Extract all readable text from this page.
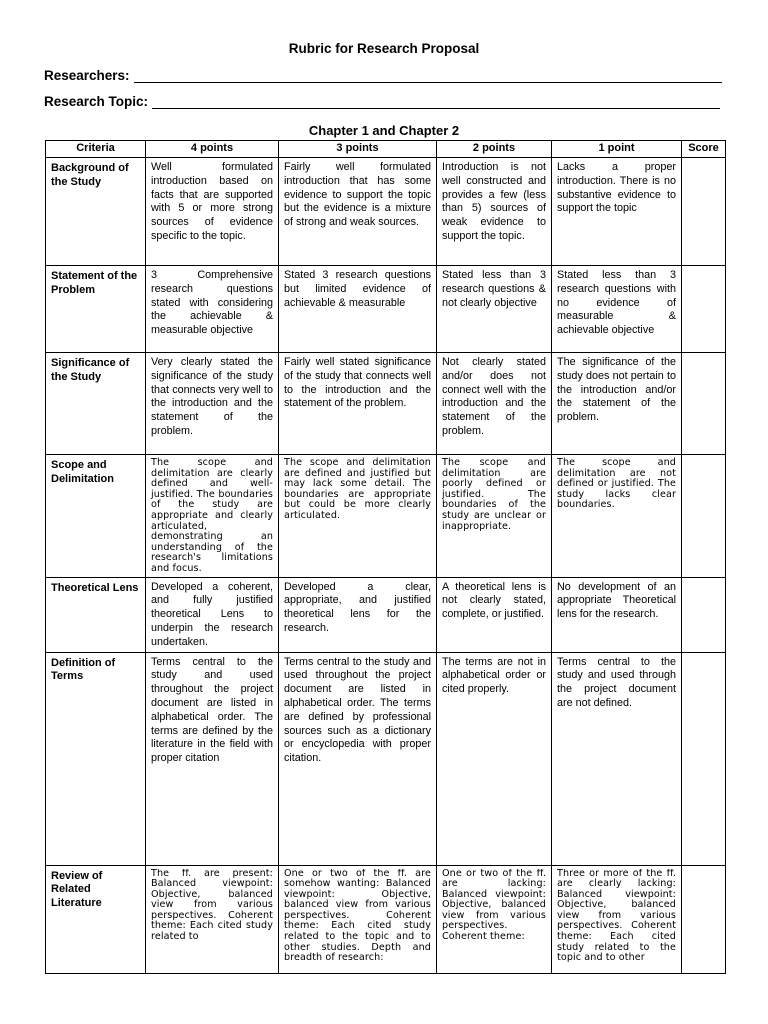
Rubric for Research Proposal
Researchers:
Research Topic:
Chapter 1 and Chapter 2
Criteria	4 points	3 points	2 points	1 point	Score
Background of the Study	Well formulated introduction based on facts that are supported with 5 or more strong sources of evidence specific to the topic.	Fairly well formulated introduction that has some evidence to support the topic but the evidence is a mixture of strong and weak sources.	Introduction is not well constructed and provides a few (less than 5) sources of weak evidence to support the topic.	Lacks a proper introduction. There is no substantive evidence to support the topic	
Statement of the Problem	3 Comprehensive research questions stated with considering the achievable & measurable objective	Stated 3 research questions but limited evidence of achievable & measurable	Stated less than 3 research questions & not clearly objective	Stated less than 3 research questions with no evidence of measurable & achievable objective	
Significance of the Study	Very clearly stated the significance of the study that connects very well to the introduction and the statement of the problem.	Fairly well stated significance of the study that connects well to the introduction and the statement of the problem.	Not clearly stated and/or does not connect well with the introduction and the statement of the problem.	The significance of the study does not pertain to the introduction and/or the statement of the problem.	
Scope and Delimitation	The scope and delimitation are clearly defined and well-justified. The boundaries of the study are appropriate and clearly articulated, demonstrating an understanding of the research's limitations and focus.	The scope and delimitation are defined and justified but may lack some detail. The boundaries are appropriate but could be more clearly articulated.	The scope and delimitation are poorly defined or justified. The boundaries of the study are unclear or inappropriate.	The scope and delimitation are not defined or justified. The study lacks clear boundaries.	
Theoretical Lens	Developed a coherent, and fully justified theoretical Lens to underpin the research undertaken.	Developed a clear, appropriate, and justified theoretical lens for the research.	A theoretical lens is not clearly stated, complete, or justified.	No development of an appropriate Theoretical lens for the research.	
Definition of Terms	Terms central to the study and used throughout the project document are listed in alphabetical order. The terms are defined by the literature in the field with proper citation	Terms central to the study and used throughout the project document are listed in alphabetical order. The terms are defined by professional sources such as a dictionary or encyclopedia with proper citation.	The terms are not in alphabetical order or cited properly.	Terms central to the study and used through the project document are not defined.	
Review of Related Literature	The ff. are present: Balanced viewpoint: Objective, balanced view from various perspectives. Coherent theme: Each cited study related to	One or two of the ff. are somehow wanting: Balanced viewpoint: Objective, balanced view from various perspectives. Coherent theme: Each cited study related to the topic and to other studies. Depth and breadth of research:	One or two of the ff. are lacking: Balanced viewpoint: Objective, balanced view from various perspectives. Coherent theme:	Three or more of the ff. are clearly lacking: Balanced viewpoint: Objective, balanced view from various perspectives. Coherent theme: Each cited study related to the topic and to other	
